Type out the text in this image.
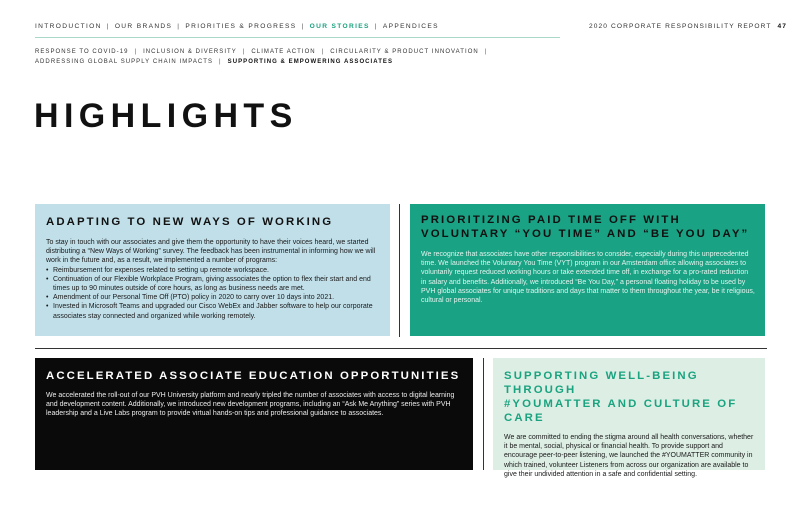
INTRODUCTION | OUR BRANDS | PRIORITIES & PROGRESS | OUR STORIES | APPENDICES	2020 CORPORATE RESPONSIBILITY REPORT 47
RESPONSE TO COVID-19 | INCLUSION & DIVERSITY | CLIMATE ACTION | CIRCULARITY & PRODUCT INNOVATION |
ADDRESSING GLOBAL SUPPLY CHAIN IMPACTS | SUPPORTING & EMPOWERING ASSOCIATES
HIGHLIGHTS
ADAPTING TO NEW WAYS OF WORKING

To stay in touch with our associates and give them the opportunity to have their voices heard, we started distributing a “New Ways of Working” survey. The feedback has been instrumental in informing how we will work in the future and, as a result, we implemented a number of programs:

• Reimbursement for expenses related to setting up remote workspace.
• Continuation of our Flexible Workplace Program, giving associates the option to flex their start and end times up to 90 minutes outside of core hours, as long as business needs are met.
• Amendment of our Personal Time Off (PTO) policy in 2020 to carry over 10 days into 2021.
• Invested in Microsoft Teams and upgraded our Cisco WebEx and Jabber software to help our corporate associates stay connected and organized while working remotely.
PRIORITIZING PAID TIME OFF WITH
VOLUNTARY “YOU TIME” AND “BE YOU DAY”

We recognize that associates have other responsibilities to consider, especially during this unprecedented time. We launched the Voluntary You Time (VYT) program in our Amsterdam office allowing associates to voluntarily request reduced working hours or take extended time off, in exchange for a pro-rated reduction in salary and benefits. Additionally, we introduced “Be You Day,” a personal floating holiday to be used by PVH global associates for unique traditions and days that matter to them throughout the year, be it religious, cultural or personal.

ACCELERATED ASSOCIATE EDUCATION OPPORTUNITIES

We accelerated the roll-out of our PVH University platform and nearly tripled the number of associates with access to digital learning and development content. Additionally, we introduced new development programs, including an “Ask Me Anything” series with PVH leadership and a Live Labs program to provide virtual hands-on tips and professional guidance to associates.

SUPPORTING WELL-BEING THROUGH
#YOUMATTER AND CULTURE OF CARE

We are committed to ending the stigma around all health conversations, whether it be mental, social, physical or financial health. To provide support and encourage peer-to-peer listening, we launched the #YOUMATTER community in which trained, volunteer Listeners from across our organization are available to give their undivided attention in a safe and confidential setting.
